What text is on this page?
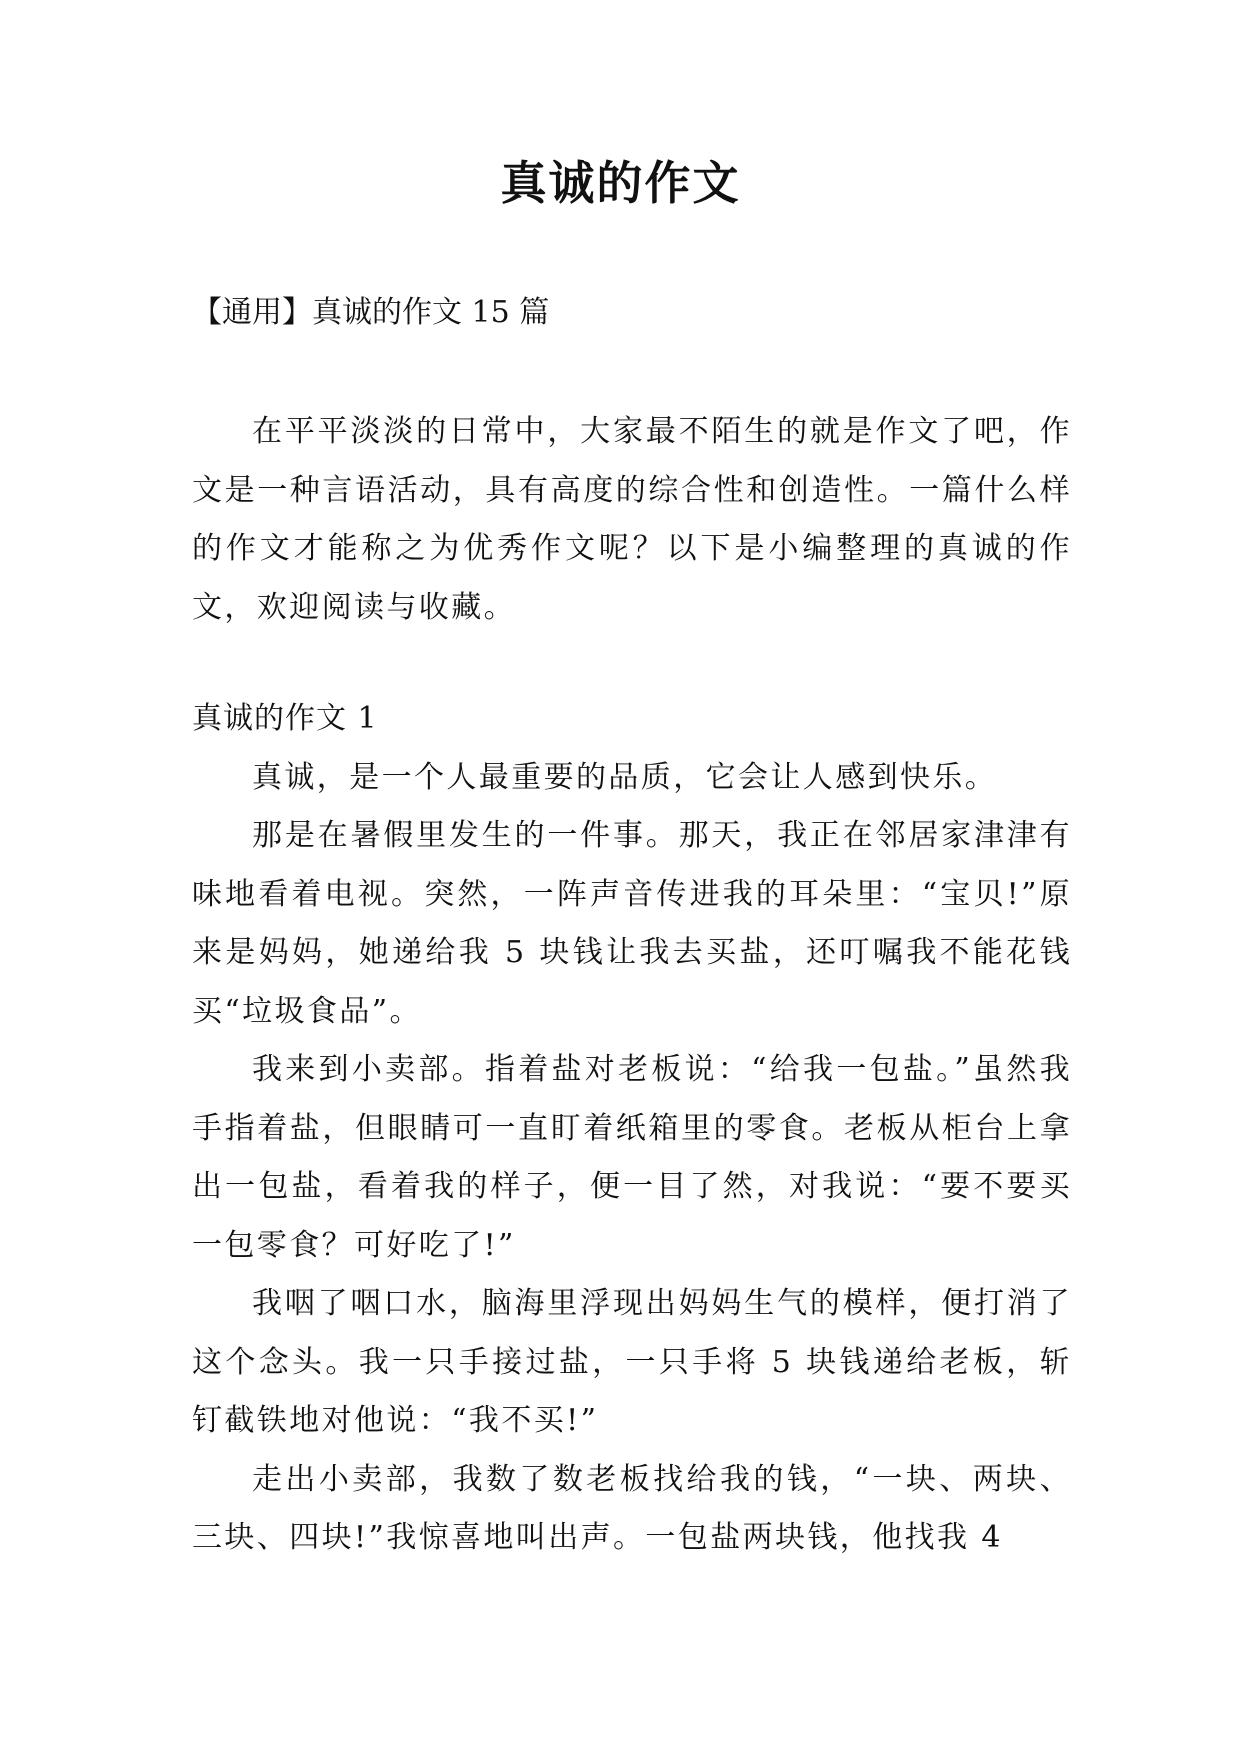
真诚的作文

【通用】真诚的作文 15 篇

在平平淡淡的日常中，大家最不陌生的就是作文了吧，作文是一种言语活动，具有高度的综合性和创造性。一篇什么样的作文才能称之为优秀作文呢？以下是小编整理的真诚的作文，欢迎阅读与收藏。

真诚的作文 1

真诚，是一个人最重要的品质，它会让人感到快乐。

那是在暑假里发生的一件事。那天，我正在邻居家津津有味地看着电视。突然，一阵声音传进我的耳朵里：“宝贝!”原来是妈妈，她递给我 5 块钱让我去买盐，还叮嘱我不能花钱买“垃圾食品”。

我来到小卖部。指着盐对老板说：“给我一包盐。”虽然我手指着盐，但眼睛可一直盯着纸箱里的零食。老板从柜台上拿出一包盐，看着我的样子，便一目了然，对我说：“要不要买一包零食？可好吃了!”

我咽了咽口水，脑海里浮现出妈妈生气的模样，便打消了这个念头。我一只手接过盐，一只手将 5 块钱递给老板，斩钉截铁地对他说：“我不买!”

走出小卖部，我数了数老板找给我的钱，“一块、两块、三块、四块!”我惊喜地叫出声。一包盐两块钱，他找我 4
